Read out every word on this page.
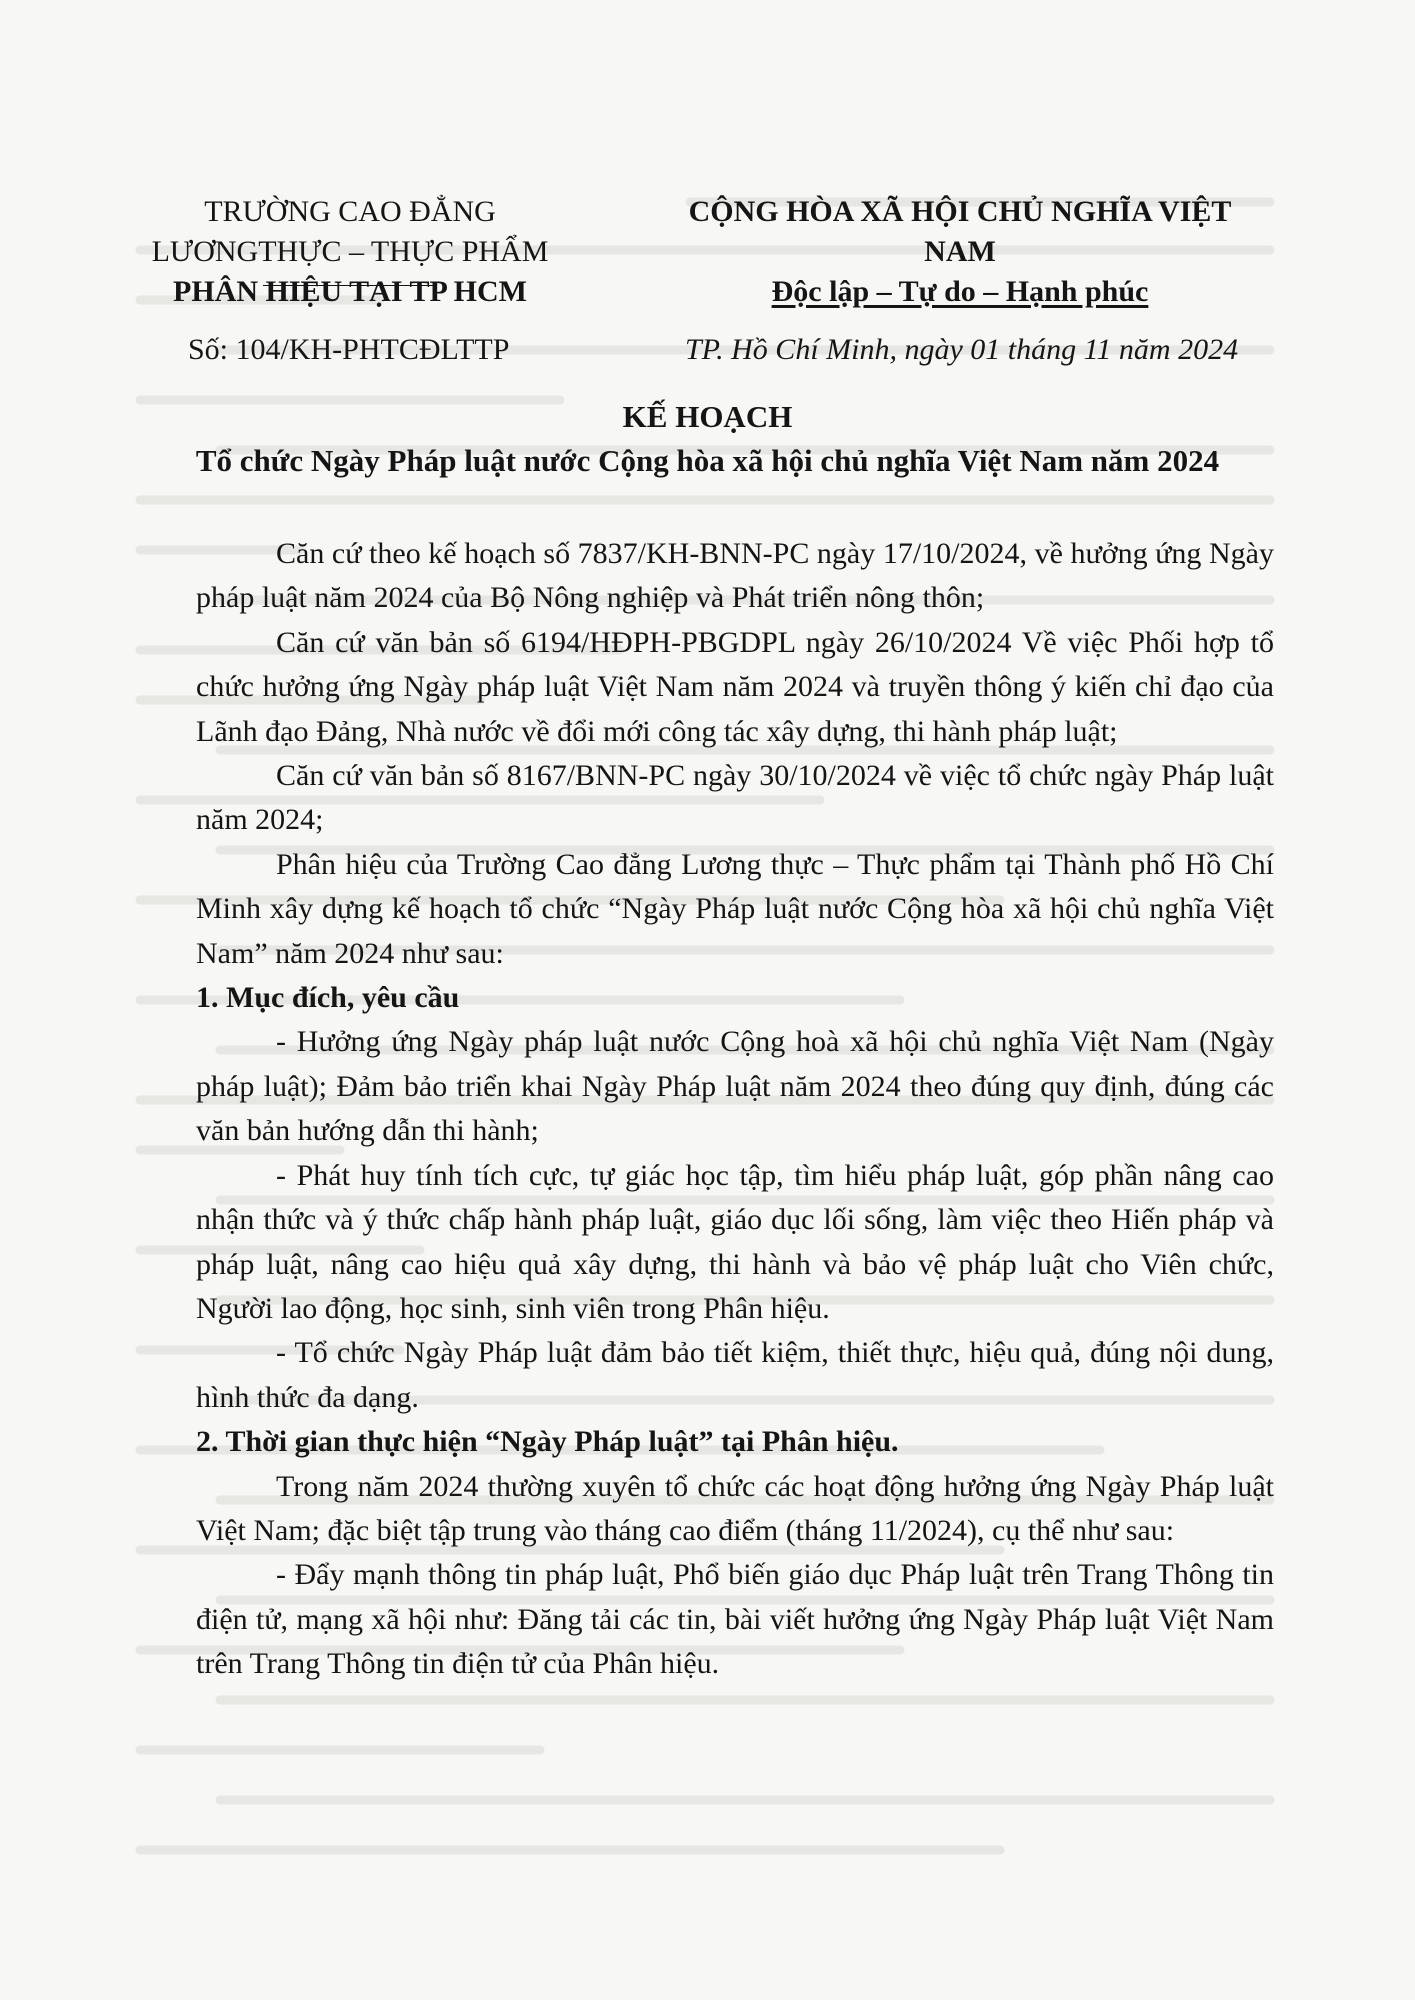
TRƯỜNG CAO ĐẲNG
LƯƠNGTHỰC – THỰC PHẨM
PHÂN HIỆU TẠI TP HCM
CỘNG HÒA XÃ HỘI CHỦ NGHĨA VIỆT NAM
Độc lập – Tự do – Hạnh phúc
Số: 104/KH-PHTCĐLTTP	TP. Hồ Chí Minh, ngày 01 tháng 11 năm 2024
KẾ HOẠCH
Tổ chức Ngày Pháp luật nước Cộng hòa xã hội chủ nghĩa Việt Nam năm 2024

Căn cứ theo kế hoạch số 7837/KH-BNN-PC ngày 17/10/2024, về hưởng ứng Ngày pháp luật năm 2024 của Bộ Nông nghiệp và Phát triển nông thôn;

Căn cứ văn bản số 6194/HĐPH-PBGDPL ngày 26/10/2024 Về việc Phối hợp tổ chức hưởng ứng Ngày pháp luật Việt Nam năm 2024 và truyền thông ý kiến chỉ đạo của Lãnh đạo Đảng, Nhà nước về đổi mới công tác xây dựng, thi hành pháp luật;

Căn cứ văn bản số 8167/BNN-PC ngày 30/10/2024 về việc tổ chức ngày Pháp luật năm 2024;

Phân hiệu của Trường Cao đẳng Lương thực – Thực phẩm tại Thành phố Hồ Chí Minh xây dựng kế hoạch tổ chức “Ngày Pháp luật nước Cộng hòa xã hội chủ nghĩa Việt Nam” năm 2024 như sau:

1. Mục đích, yêu cầu

- Hưởng ứng Ngày pháp luật nước Cộng hoà xã hội chủ nghĩa Việt Nam (Ngày pháp luật); Đảm bảo triển khai Ngày Pháp luật năm 2024 theo đúng quy định, đúng các văn bản hướng dẫn thi hành;

- Phát huy tính tích cực, tự giác học tập, tìm hiểu pháp luật, góp phần nâng cao nhận thức và ý thức chấp hành pháp luật, giáo dục lối sống, làm việc theo Hiến pháp và pháp luật, nâng cao hiệu quả xây dựng, thi hành và bảo vệ pháp luật cho Viên chức, Người lao động, học sinh, sinh viên trong Phân hiệu.

- Tổ chức Ngày Pháp luật đảm bảo tiết kiệm, thiết thực, hiệu quả, đúng nội dung, hình thức đa dạng.

2. Thời gian thực hiện “Ngày Pháp luật” tại Phân hiệu.

Trong năm 2024 thường xuyên tổ chức các hoạt động hưởng ứng Ngày Pháp luật Việt Nam; đặc biệt tập trung vào tháng cao điểm (tháng 11/2024), cụ thể như sau:

- Đẩy mạnh thông tin pháp luật, Phổ biến giáo dục Pháp luật trên Trang Thông tin điện tử, mạng xã hội như: Đăng tải các tin, bài viết hưởng ứng Ngày Pháp luật Việt Nam trên Trang Thông tin điện tử của Phân hiệu.
